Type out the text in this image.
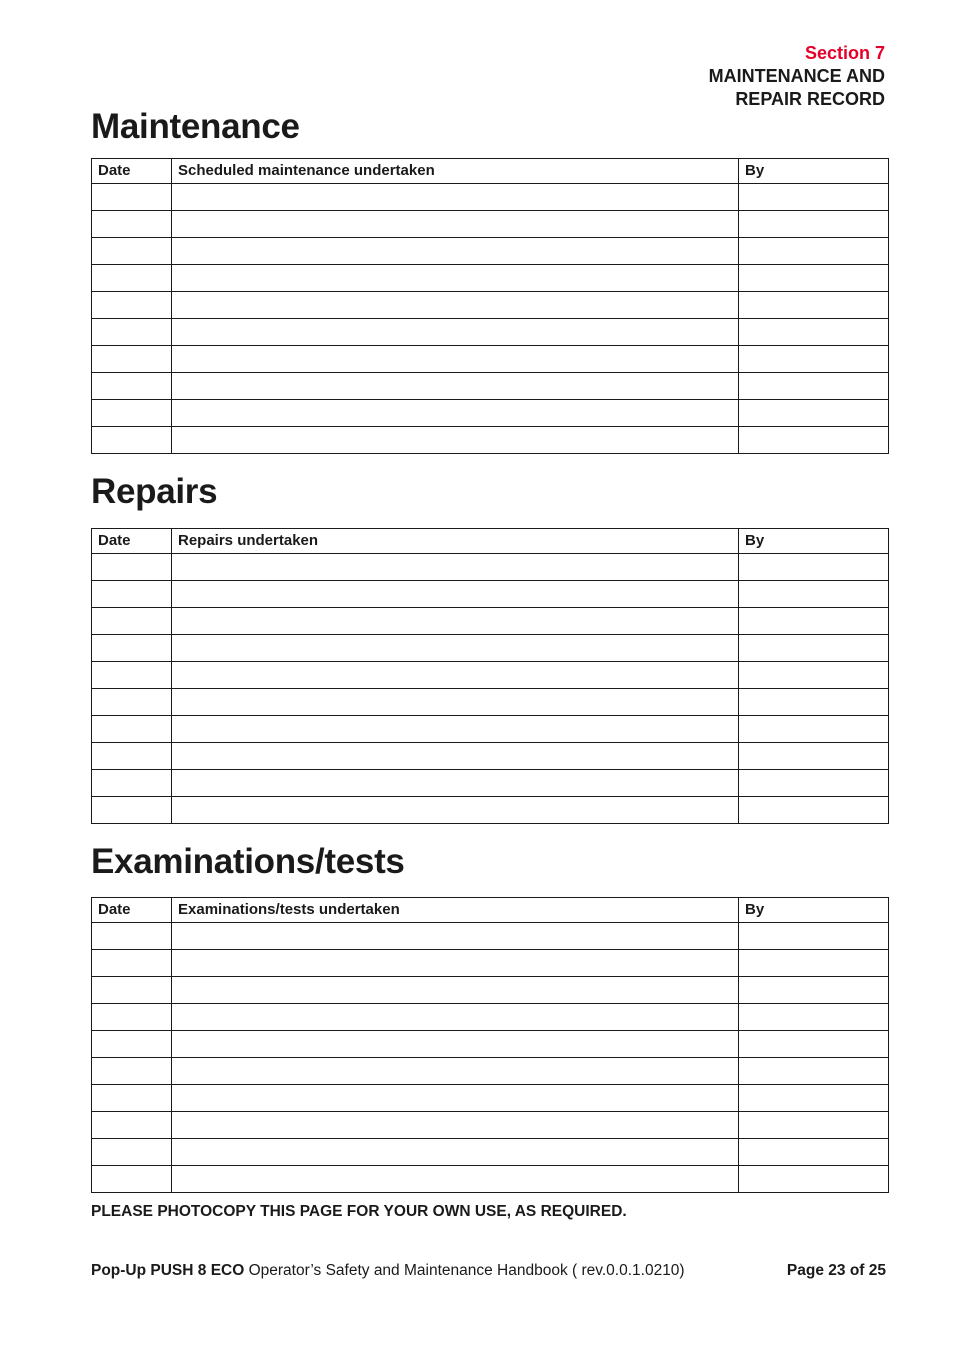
Section 7
MAINTENANCE AND
REPAIR RECORD
Maintenance
Date	Scheduled maintenance undertaken	By

Repairs
Date	Repairs undertaken	By

Examinations/tests
Date	Examinations/tests undertaken	By

PLEASE PHOTOCOPY THIS PAGE FOR YOUR OWN USE, AS REQUIRED.
Pop-Up PUSH 8 ECO Operator’s Safety and Maintenance Handbook ( rev.0.0.1.0210)	Page 23 of 25
